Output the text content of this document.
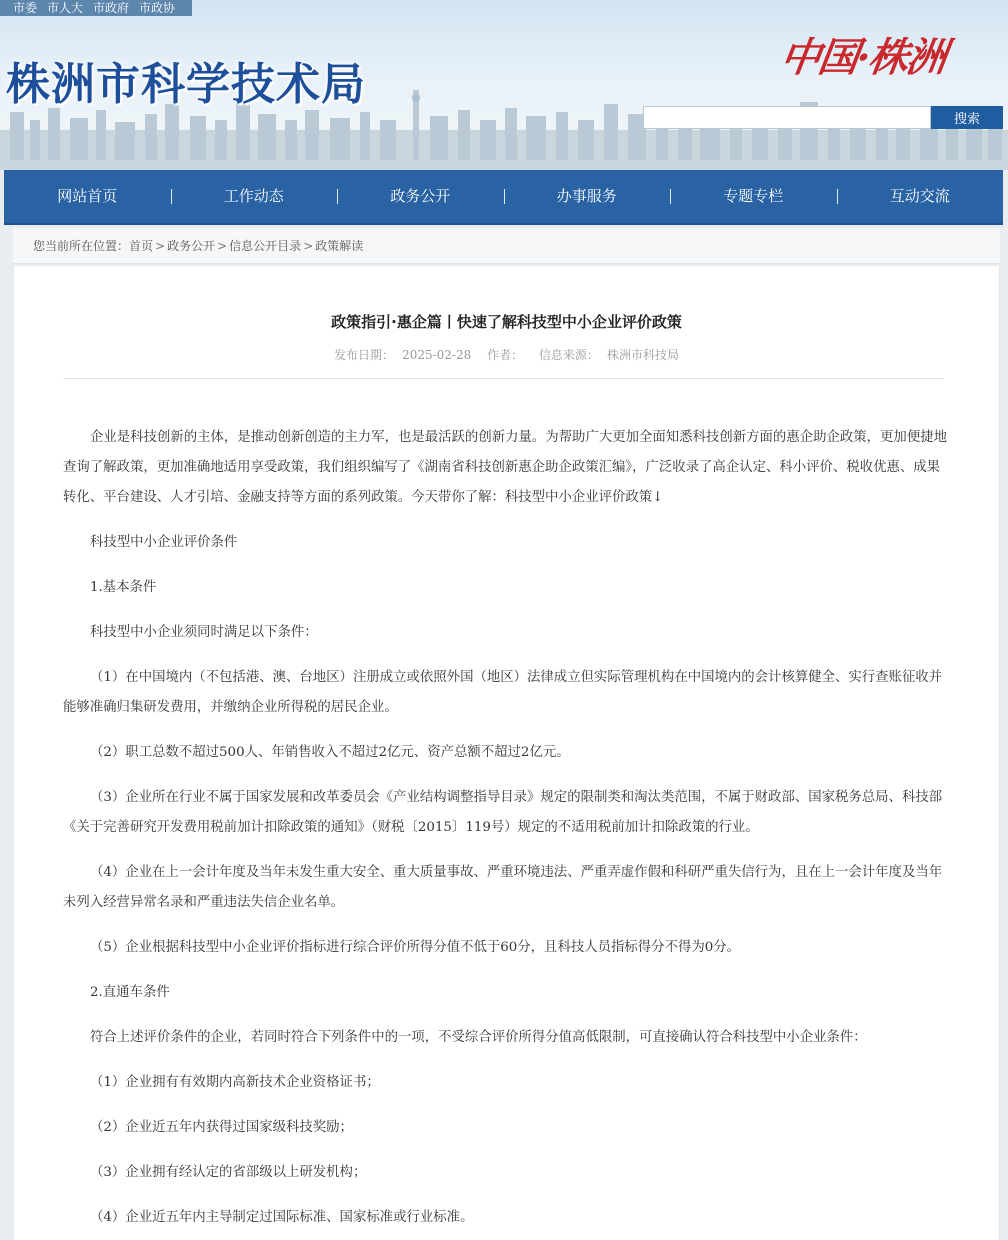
市委 市人大 市政府 市政协
株洲市科学技术局
中国·株洲
搜索
网站首页	工作动态	政务公开	办事服务	专题专栏	互动交流
您当前所在位置： 首页 > 政务公开 > 信息公开目录 > 政策解读
政策指引·惠企篇丨快速了解科技型中小企业评价政策
发布日期： 2025-02-28 作者： 信息来源： 株洲市科技局

企业是科技创新的主体，是推动创新创造的主力军，也是最活跃的创新力量。为帮助广大更加全面知悉科技创新方面的惠企助企政策，更加便捷地查询了解政策，更加准确地适用享受政策，我们组织编写了《湖南省科技创新惠企助企政策汇编》，广泛收录了高企认定、科小评价、税收优惠、成果转化、平台建设、人才引培、金融支持等方面的系列政策。今天带你了解：科技型中小企业评价政策↓

科技型中小企业评价条件

1.基本条件

科技型中小企业须同时满足以下条件：

（1）在中国境内（不包括港、澳、台地区）注册成立或依照外国（地区）法律成立但实际管理机构在中国境内的会计核算健全、实行查账征收并能够准确归集研发费用，并缴纳企业所得税的居民企业。

（2）职工总数不超过500人、年销售收入不超过2亿元、资产总额不超过2亿元。

（3）企业所在行业不属于国家发展和改革委员会《产业结构调整指导目录》规定的限制类和淘汰类范围，不属于财政部、国家税务总局、科技部《关于完善研究开发费用税前加计扣除政策的通知》（财税〔2015〕119号）规定的不适用税前加计扣除政策的行业。

（4）企业在上一会计年度及当年未发生重大安全、重大质量事故、严重环境违法、严重弄虚作假和科研严重失信行为，且在上一会计年度及当年未列入经营异常名录和严重违法失信企业名单。

（5）企业根据科技型中小企业评价指标进行综合评价所得分值不低于60分，且科技人员指标得分不得为0分。

2.直通车条件

符合上述评价条件的企业，若同时符合下列条件中的一项，不受综合评价所得分值高低限制，可直接确认符合科技型中小企业条件：

（1）企业拥有有效期内高新技术企业资格证书；

（2）企业近五年内获得过国家级科技奖励；

（3）企业拥有经认定的省部级以上研发机构；

（4）企业近五年内主导制定过国际标准、国家标准或行业标准。
